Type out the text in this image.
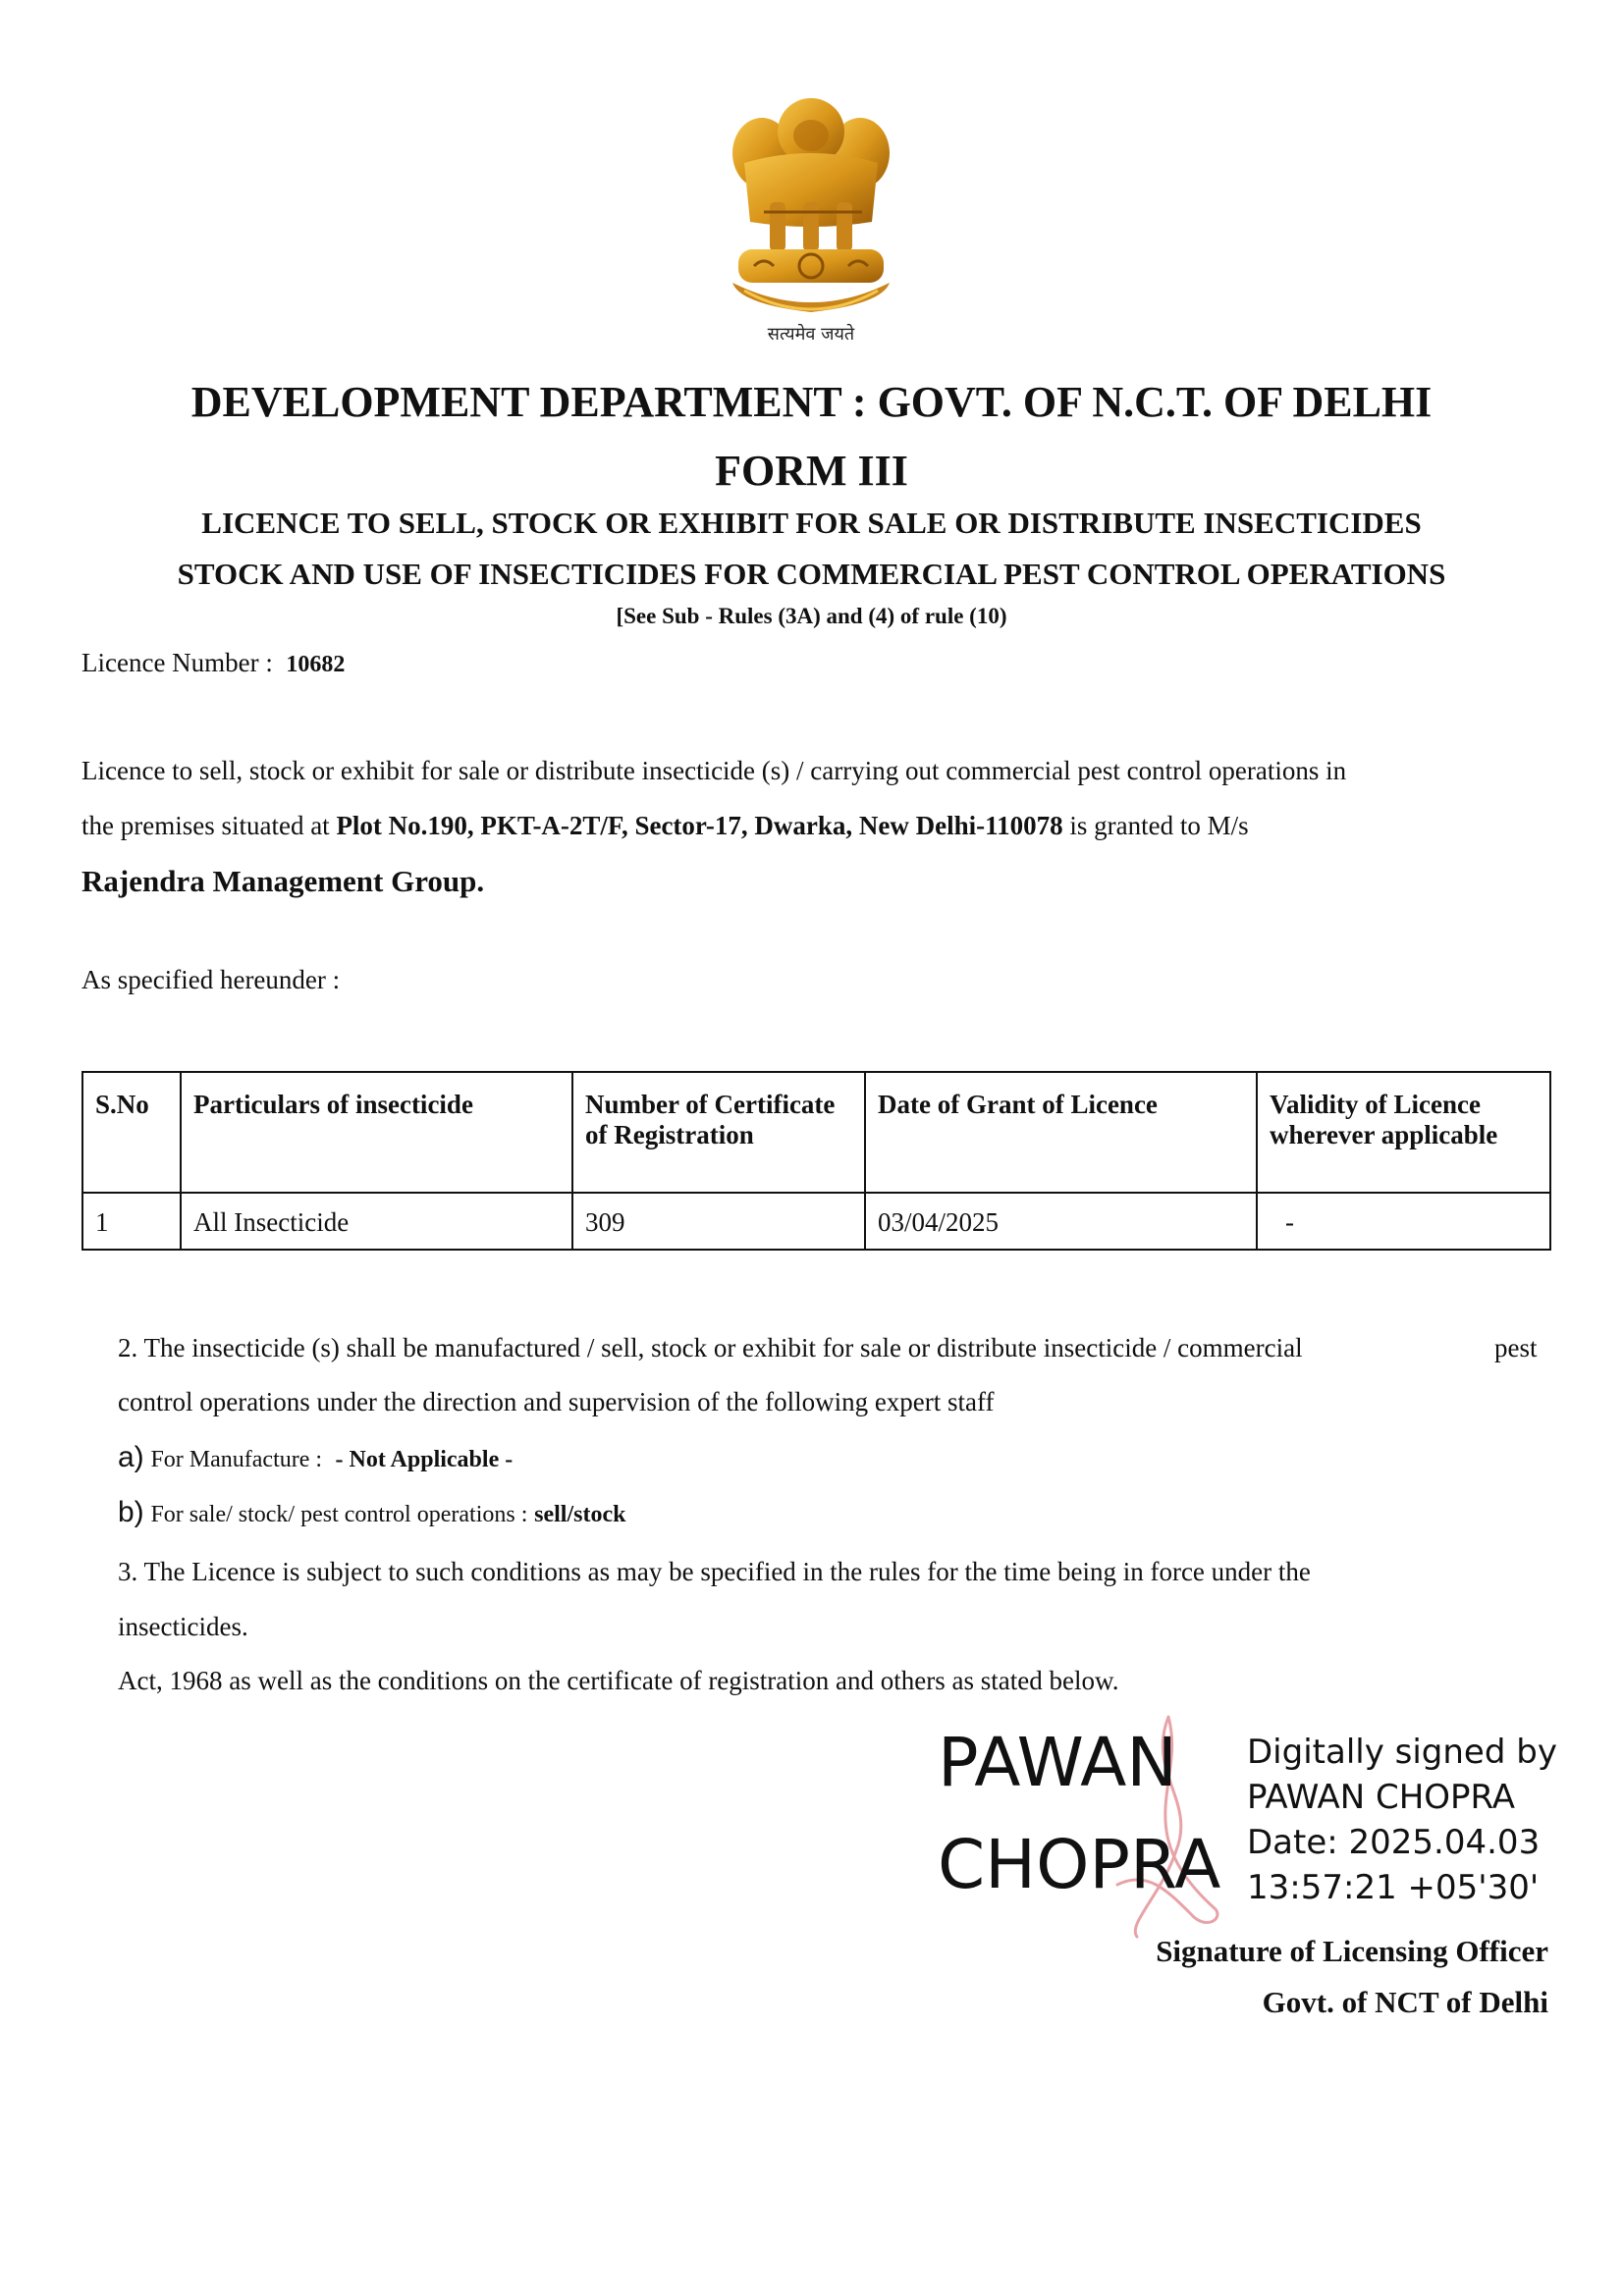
सत्यमेव जयते
DEVELOPMENT DEPARTMENT : GOVT. OF N.C.T. OF DELHI
FORM III
LICENCE TO SELL, STOCK OR EXHIBIT FOR SALE OR DISTRIBUTE INSECTICIDES
STOCK AND USE OF INSECTICIDES FOR COMMERCIAL PEST CONTROL OPERATIONS
[See Sub - Rules (3A) and (4) of rule (10)
Licence Number : 10682
Licence to sell, stock or exhibit for sale or distribute insecticide (s) / carrying out commercial pest control operations in
the premises situated at Plot No.190, PKT-A-2T/F, Sector-17, Dwarka, New Delhi-110078 is granted to M/s
Rajendra Management Group.
As specified hereunder :
S.No	Particulars of insecticide	Number of Certificate of Registration	Date of Grant of Licence	Validity of Licence wherever applicable
1	All Insecticide	309	03/04/2025	-
2. The insecticide (s) shall be manufactured / sell, stock or exhibit for sale or distribute insecticide / commercial	pest
control operations under the direction and supervision of the following expert staff
a) For Manufacture : - Not Applicable -
b) For sale/ stock/ pest control operations : sell/stock
3. The Licence is subject to such conditions as may be specified in the rules for the time being in force under the
insecticides.
Act, 1968 as well as the conditions on the certificate of registration and others as stated below.
PAWAN
CHOPRA
Digitally signed by
PAWAN CHOPRA
Date: 2025.04.03
13:57:21 +05'30'
Signature of Licensing Officer
Govt. of NCT of Delhi
